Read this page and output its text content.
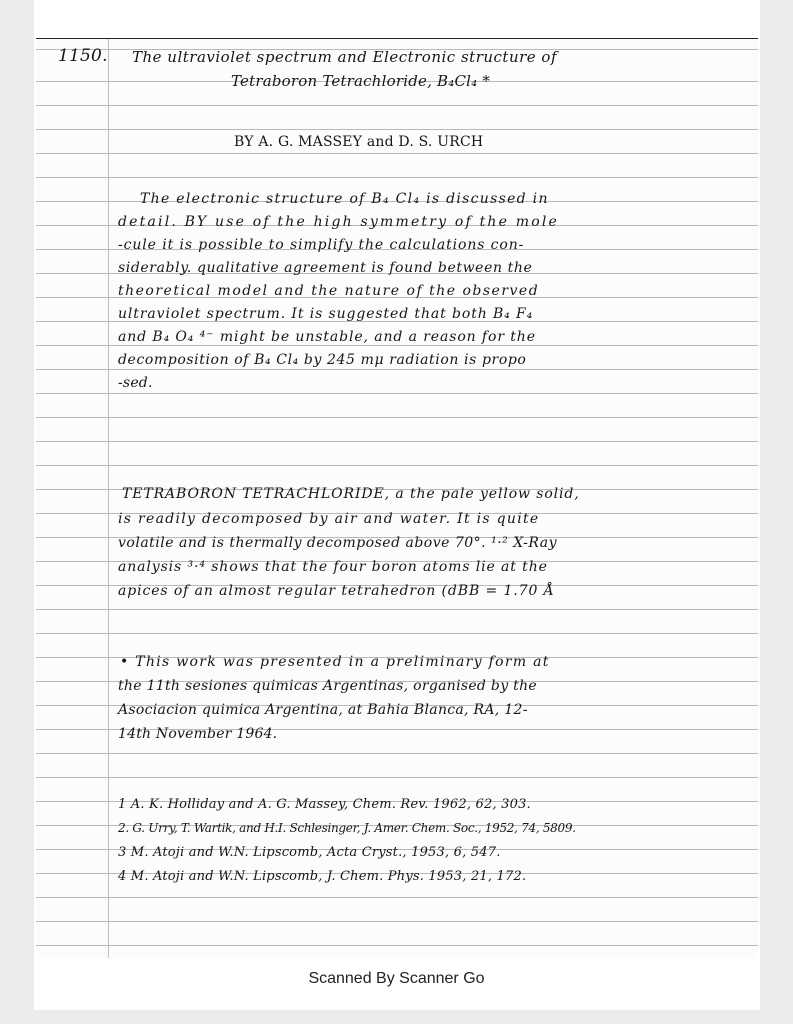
1150. The ultraviolet spectrum and Electronic structure of
Tetraboron Tetrachloride, B₄Cl₄ *
BY A. G. MASSEY and D. S. URCH
The electronic structure of B₄ Cl₄ is discussed in
detail. BY use of the high symmetry of the mole
-cule it is possible to simplify the calculations con-
siderably. qualitative agreement is found between the
theoretical model and the nature of the observed
ultraviolet spectrum. It is suggested that both B₄ F₄
and B₄ O₄ ⁴⁻ might be unstable, and a reason for the
decomposition of B₄ Cl₄ by 245 mμ radiation is propo
-sed.
TETRABORON TETRACHLORIDE, a the pale yellow solid,
is readily decomposed by air and water. It is quite
volatile and is thermally decomposed above 70°. ¹·² X-Ray
analysis ³·⁴ shows that the four boron atoms lie at the
apices of an almost regular tetrahedron (dBB = 1.70 Å
• This work was presented in a preliminary form at
the 11th sesiones quimicas Argentinas, organised by the
Asociacion quimica Argentina, at Bahia Blanca, RA, 12-
14th November 1964.
1 A. K. Holliday and A. G. Massey, Chem. Rev. 1962, 62, 303.
2. G. Urry, T. Wartik, and H.I. Schlesinger, J. Amer. Chem. Soc., 1952, 74, 5809.
3 M. Atoji and W.N. Lipscomb, Acta Cryst., 1953, 6, 547.
4 M. Atoji and W.N. Lipscomb, J. Chem. Phys. 1953, 21, 172.
Scanned By Scanner Go
